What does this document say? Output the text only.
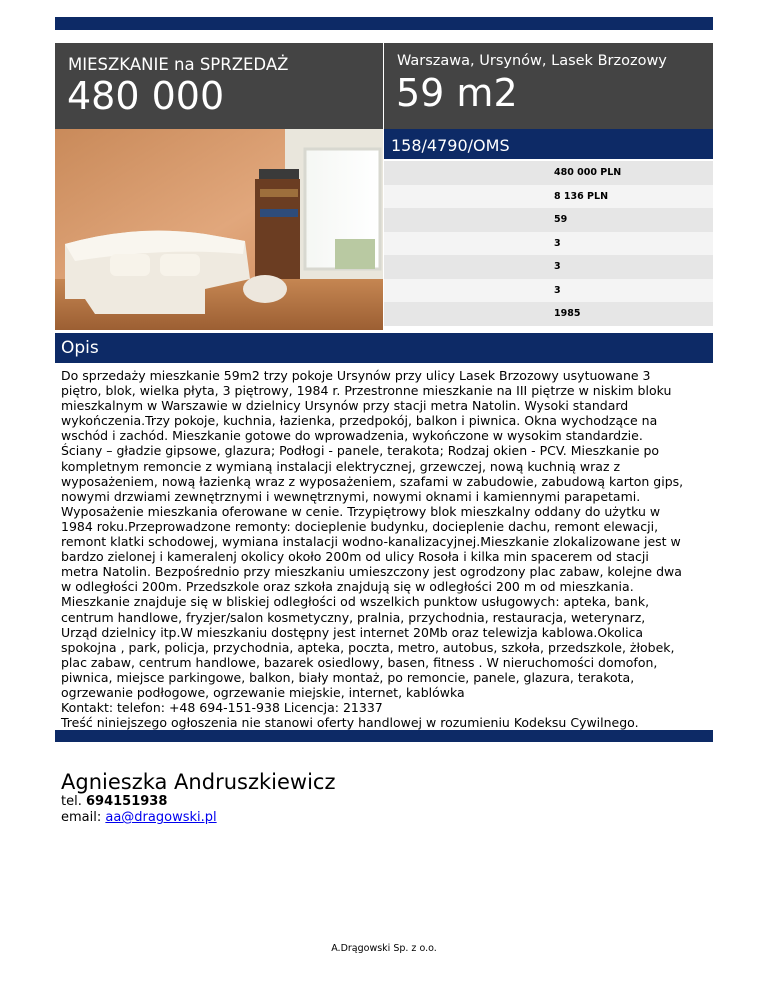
MIESZKANIE na SPRZEDAŻ
480 000
Warszawa, Ursynów, Lasek Brzozowy
59 m2
158/4790/OMS
480 000 PLN
8 136 PLN
59
3
3
3
1985
Opis
Do sprzedaży mieszkanie 59m2 trzy pokoje Ursynów przy ulicy Lasek Brzozowy usytuowane 3
piętro, blok, wielka płyta, 3 piętrowy, 1984 r. Przestronne mieszkanie na III piętrze w niskim bloku
mieszkalnym w Warszawie w dzielnicy Ursynów przy stacji metra Natolin. Wysoki standard
wykończenia.Trzy pokoje, kuchnia, łazienka, przedpokój, balkon i piwnica. Okna wychodzące na
wschód i zachód. Mieszkanie gotowe do wprowadzenia, wykończone w wysokim standardzie.
Ściany – gładzie gipsowe, glazura; Podłogi - panele, terakota; Rodzaj okien - PCV. Mieszkanie po
kompletnym remoncie z wymianą instalacji elektrycznej, grzewczej, nową kuchnią wraz z
wyposażeniem, nową łazienką wraz z wyposażeniem, szafami w zabudowie, zabudową karton gips,
nowymi drzwiami zewnętrznymi i wewnętrznymi, nowymi oknami i kamiennymi parapetami.
Wyposażenie mieszkania oferowane w cenie. Trzypiętrowy blok mieszkalny oddany do użytku w
1984 roku.Przeprowadzone remonty: docieplenie budynku, docieplenie dachu, remont elewacji,
remont klatki schodowej, wymiana instalacji wodno-kanalizacyjnej.Mieszkanie zlokalizowane jest w
bardzo zielonej i kameralenj okolicy około 200m od ulicy Rosoła i kilka min spacerem od stacji
metra Natolin. Bezpośrednio przy mieszkaniu umieszczony jest ogrodzony plac zabaw, kolejne dwa
w odległości 200m. Przedszkole oraz szkoła znajdują się w odległości 200 m od mieszkania.
Mieszkanie znajduje się w bliskiej odległości od wszelkich punktow usługowych: apteka, bank,
centrum handlowe, fryzjer/salon kosmetyczny, pralnia, przychodnia, restauracja, weterynarz,
Urząd dzielnicy itp.W mieszkaniu dostępny jest internet 20Mb oraz telewizja kablowa.Okolica
spokojna , park, policja, przychodnia, apteka, poczta, metro, autobus, szkoła, przedszkole, żłobek,
plac zabaw, centrum handlowe, bazarek osiedlowy, basen, fitness . W nieruchomości domofon,
piwnica, miejsce parkingowe, balkon, biały montaż, po remoncie, panele, glazura, terakota,
ogrzewanie podłogowe, ogrzewanie miejskie, internet, kablówka
Kontakt: telefon: +48 694-151-938 Licencja: 21337
Treść niniejszego ogłoszenia nie stanowi oferty handlowej w rozumieniu Kodeksu Cywilnego.
Agnieszka Andruszkiewicz
tel. 694151938
email: aa@dragowski.pl
A.Drągowski Sp. z o.o.
